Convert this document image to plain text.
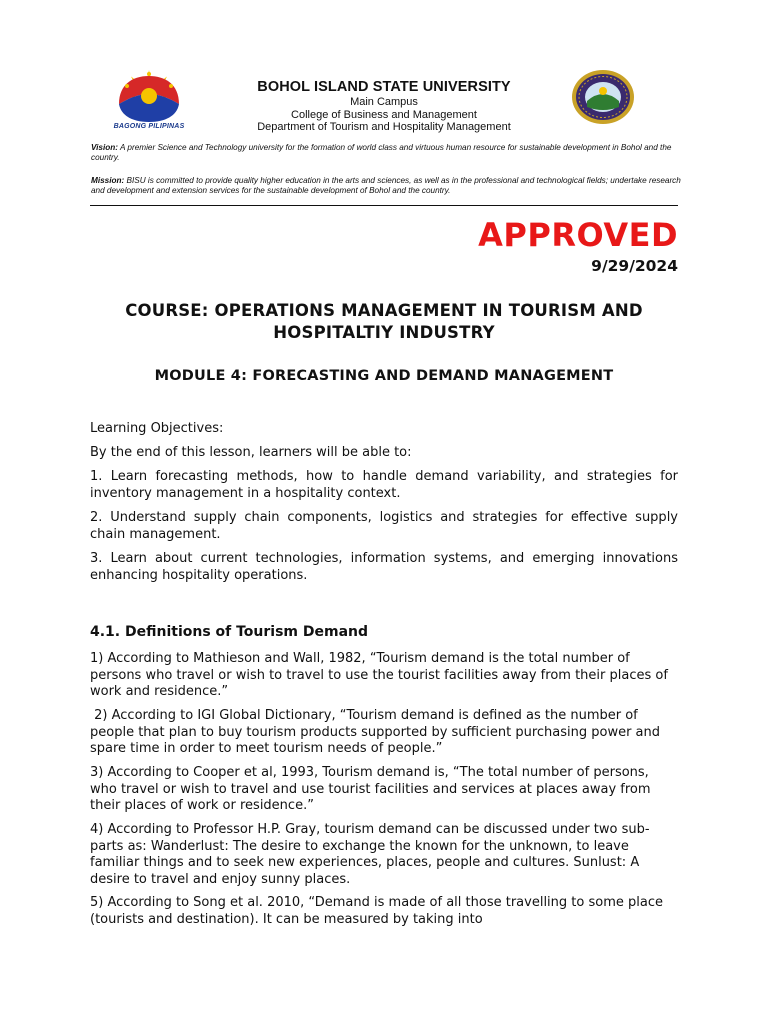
BAGONG PILIPINAS
BOHOL ISLAND STATE UNIVERSITY
Main Campus
College of Business and Management
Department of Tourism and Hospitality Management
Vision: A premier Science and Technology university for the formation of world class and virtuous human resource for sustainable development in Bohol and the country.
Mission: BISU is committed to provide quality higher education in the arts and sciences, as well as in the professional and technological fields; undertake research and development and extension services for the sustainable development of Bohol and the country.
APPROVED
9/29/2024
COURSE: OPERATIONS MANAGEMENT IN TOURISM AND HOSPITALTIY INDUSTRY
MODULE 4: FORECASTING AND DEMAND MANAGEMENT
Learning Objectives:
By the end of this lesson, learners will be able to:
1. Learn forecasting methods, how to handle demand variability, and strategies for inventory management in a hospitality context.
2. Understand supply chain components, logistics and strategies for effective supply chain management.
3. Learn about current technologies, information systems, and emerging innovations enhancing hospitality operations.
4.1. Definitions of Tourism Demand
1) According to Mathieson and Wall, 1982, “Tourism demand is the total number of persons who travel or wish to travel to use the tourist facilities away from their places of work and residence.”
2) According to IGI Global Dictionary, “Tourism demand is defined as the number of people that plan to buy tourism products supported by sufficient purchasing power and spare time in order to meet tourism needs of people.”
3) According to Cooper et al, 1993, Tourism demand is, “The total number of persons, who travel or wish to travel and use tourist facilities and services at places away from their places of work or residence.”
4) According to Professor H.P. Gray, tourism demand can be discussed under two sub-parts as: Wanderlust: The desire to exchange the known for the unknown, to leave familiar things and to seek new experiences, places, people and cultures. Sunlust: A desire to travel and enjoy sunny places.
5) According to Song et al. 2010, “Demand is made of all those travelling to some place (tourists and destination). It can be measured by taking into
